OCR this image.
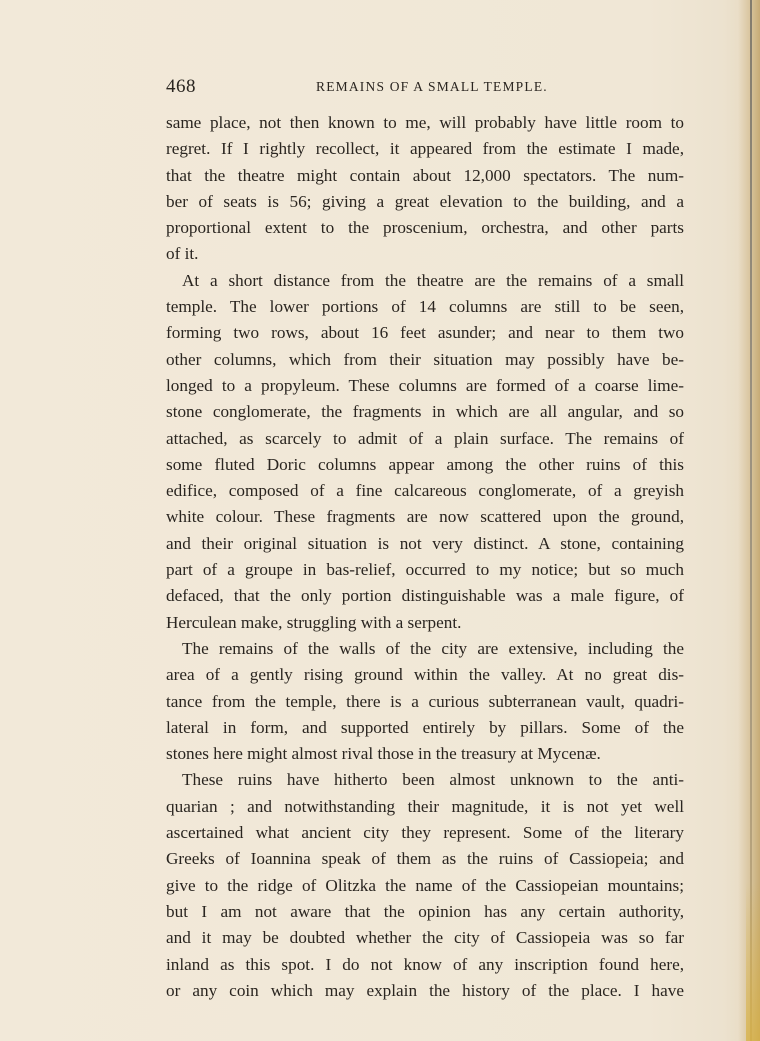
468	REMAINS OF A SMALL TEMPLE.
same place, not then known to me, will probably have little room to
regret. If I rightly recollect, it appeared from the estimate I made,
that the theatre might contain about 12,000 spectators. The num-
ber of seats is 56; giving a great elevation to the building, and a
proportional extent to the proscenium, orchestra, and other parts
of it.
At a short distance from the theatre are the remains of a small
temple. The lower portions of 14 columns are still to be seen,
forming two rows, about 16 feet asunder; and near to them two
other columns, which from their situation may possibly have be-
longed to a propyleum. These columns are formed of a coarse lime-
stone conglomerate, the fragments in which are all angular, and so
attached, as scarcely to admit of a plain surface. The remains of
some fluted Doric columns appear among the other ruins of this
edifice, composed of a fine calcareous conglomerate, of a greyish
white colour. These fragments are now scattered upon the ground,
and their original situation is not very distinct. A stone, containing
part of a groupe in bas-relief, occurred to my notice; but so much
defaced, that the only portion distinguishable was a male figure, of
Herculean make, struggling with a serpent.
The remains of the walls of the city are extensive, including the
area of a gently rising ground within the valley. At no great dis-
tance from the temple, there is a curious subterranean vault, quadri-
lateral in form, and supported entirely by pillars. Some of the
stones here might almost rival those in the treasury at Mycenæ.
These ruins have hitherto been almost unknown to the anti-
quarian ; and notwithstanding their magnitude, it is not yet well
ascertained what ancient city they represent. Some of the literary
Greeks of Ioannina speak of them as the ruins of Cassiopeia; and
give to the ridge of Olitzka the name of the Cassiopeian mountains;
but I am not aware that the opinion has any certain authority,
and it may be doubted whether the city of Cassiopeia was so far
inland as this spot. I do not know of any inscription found here,
or any coin which may explain the history of the place. I have
